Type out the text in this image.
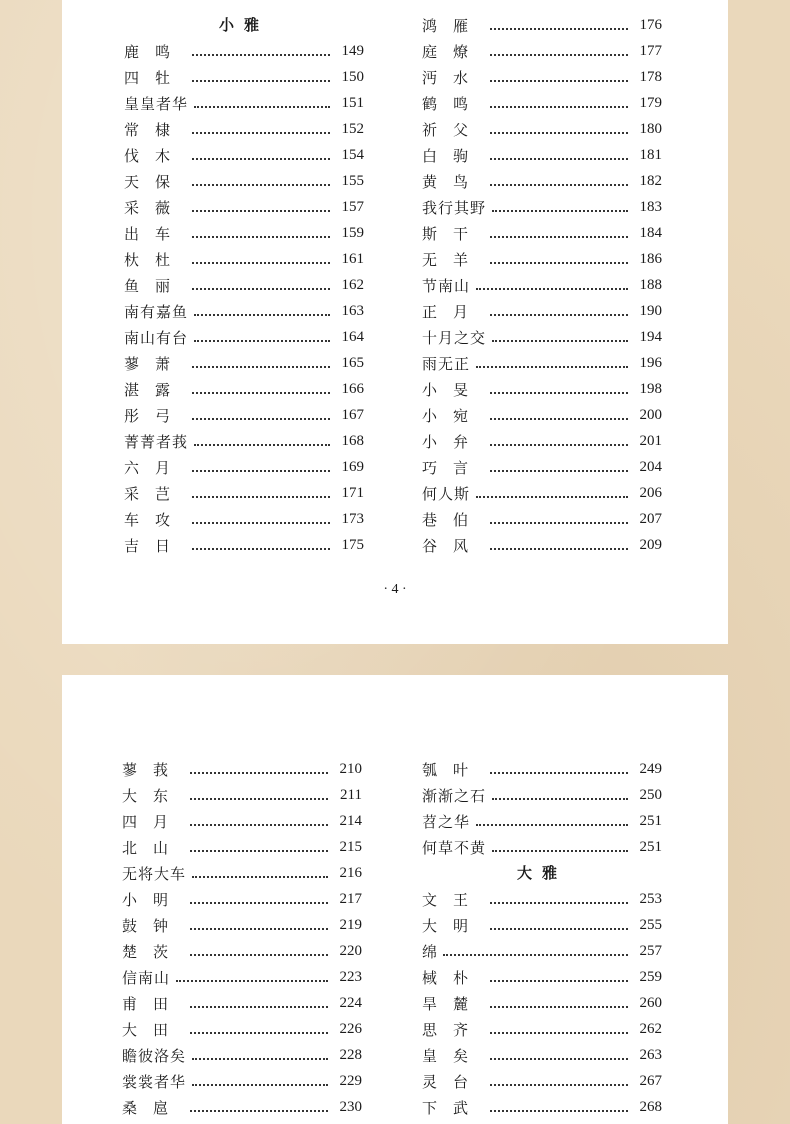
小雅
鹿鸣	149
四牡	150
皇皇者华	151
常棣	152
伐木	154
天保	155
采薇	157
出车	159
杕杜	161
鱼丽	162
南有嘉鱼	163
南山有台	164
蓼萧	165
湛露	166
彤弓	167
菁菁者莪	168
六月	169
采芑	171
车攻	173
吉日	175
鸿雁	176
庭燎	177
沔水	178
鹤鸣	179
祈父	180
白驹	181
黄鸟	182
我行其野	183
斯干	184
无羊	186
节南山	188
正月	190
十月之交	194
雨无正	196
小旻	198
小宛	200
小弁	201
巧言	204
何人斯	206
巷伯	207
谷风	209
· 4 ·
蓼莪	210
大东	211
四月	214
北山	215
无将大车	216
小明	217
鼓钟	219
楚茨	220
信南山	223
甫田	224
大田	226
瞻彼洛矣	228
裳裳者华	229
桑扈	230
瓠叶	249
渐渐之石	250
苕之华	251
何草不黄	251
大雅
文王	253
大明	255
绵	257
棫朴	259
旱麓	260
思齐	262
皇矣	263
灵台	267
下武	268
